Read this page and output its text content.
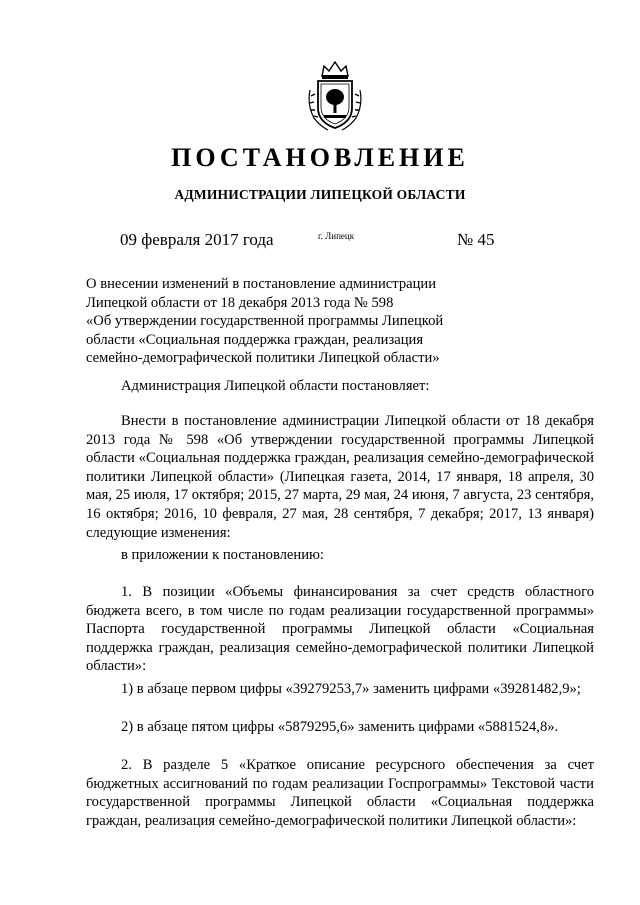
ПОСТАНОВЛЕНИЕ
АДМИНИСТРАЦИИ ЛИПЕЦКОЙ ОБЛАСТИ
09 февраля 2017 года	г. Липецк	№ 45
О внесении изменений в постановление администрации
Липецкой области от 18 декабря 2013 года № 598
«Об утверждении государственной программы Липецкой
области «Социальная поддержка граждан, реализация
семейно-демографической политики Липецкой области»
Администрация Липецкой области постановляет:
Внести в постановление администрации Липецкой области от 18 декабря 2013 года № 598 «Об утверждении государственной программы Липецкой области «Социальная поддержка граждан, реализация семейно-демографической политики Липецкой области» (Липецкая газета, 2014, 17 января, 18 апреля, 30 мая, 25 июля, 17 октября; 2015, 27 марта, 29 мая, 24 июня, 7 августа, 23 сентября, 16 октября; 2016, 10 февраля, 27 мая, 28 сентября, 7 декабря; 2017, 13 января) следующие изменения:
в приложении к постановлению:
1. В позиции «Объемы финансирования за счет средств областного бюджета всего, в том числе по годам реализации государственной программы» Паспорта государственной программы Липецкой области «Социальная поддержка граждан, реализация семейно-демографической политики Липецкой области»:
1) в абзаце первом цифры «39279253,7» заменить цифрами «39281482,9»;
2) в абзаце пятом цифры «5879295,6» заменить цифрами «5881524,8».
2. В разделе 5 «Краткое описание ресурсного обеспечения за счет бюджетных ассигнований по годам реализации Госпрограммы» Текстовой части государственной программы Липецкой области «Социальная поддержка граждан, реализация семейно-демографической политики Липецкой области»:
